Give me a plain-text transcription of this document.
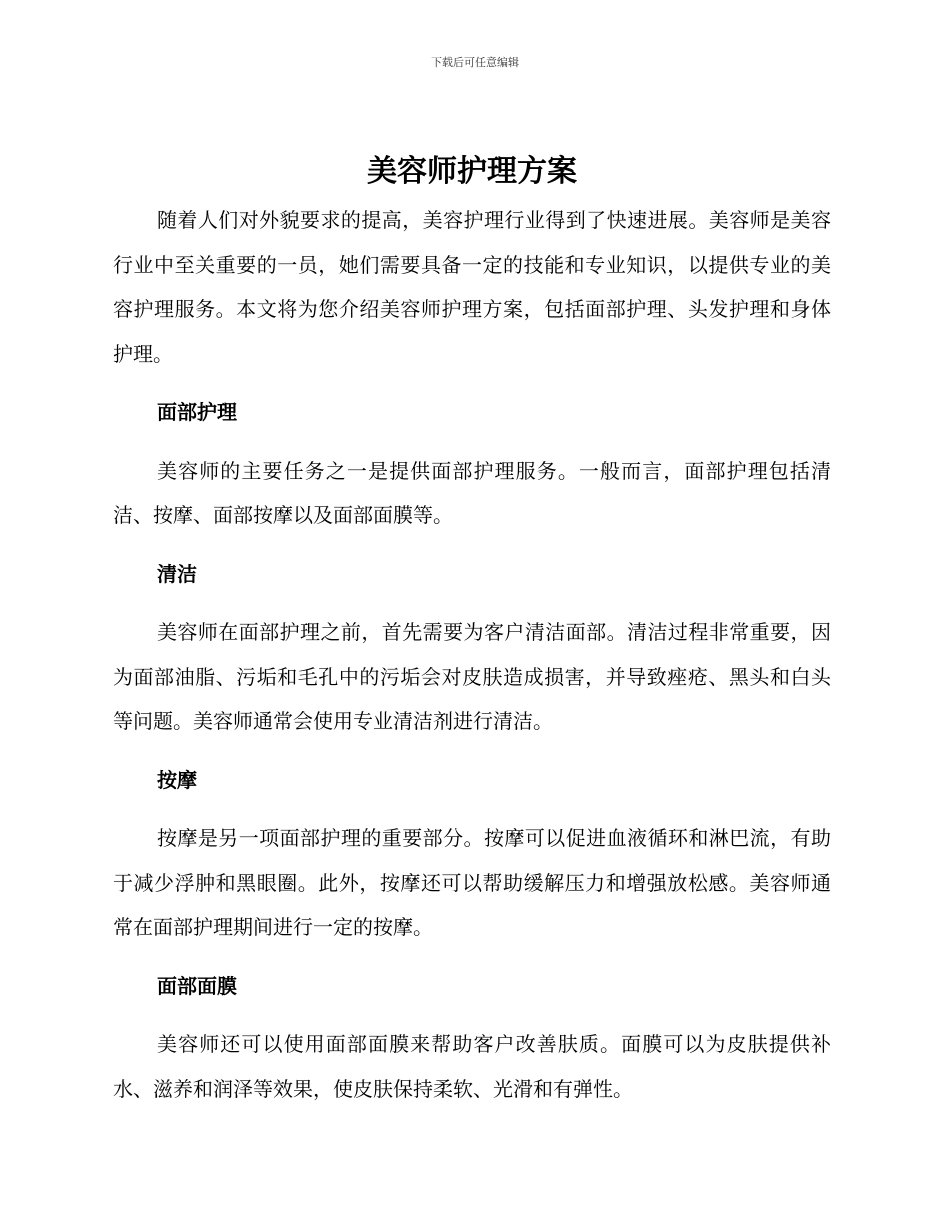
下载后可任意编辑
美容师护理方案

随着人们对外貌要求的提高，美容护理行业得到了快速进展。美容师是美容行业中至关重要的一员，她们需要具备一定的技能和专业知识，以提供专业的美容护理服务。本文将为您介绍美容师护理方案，包括面部护理、头发护理和身体护理。

面部护理

美容师的主要任务之一是提供面部护理服务。一般而言，面部护理包括清洁、按摩、面部按摩以及面部面膜等。

清洁

美容师在面部护理之前，首先需要为客户清洁面部。清洁过程非常重要，因为面部油脂、污垢和毛孔中的污垢会对皮肤造成损害，并导致痤疮、黑头和白头等问题。美容师通常会使用专业清洁剂进行清洁。

按摩

按摩是另一项面部护理的重要部分。按摩可以促进血液循环和淋巴流，有助于减少浮肿和黑眼圈。此外，按摩还可以帮助缓解压力和增强放松感。美容师通常在面部护理期间进行一定的按摩。

面部面膜

美容师还可以使用面部面膜来帮助客户改善肤质。面膜可以为皮肤提供补水、滋养和润泽等效果，使皮肤保持柔软、光滑和有弹性。
